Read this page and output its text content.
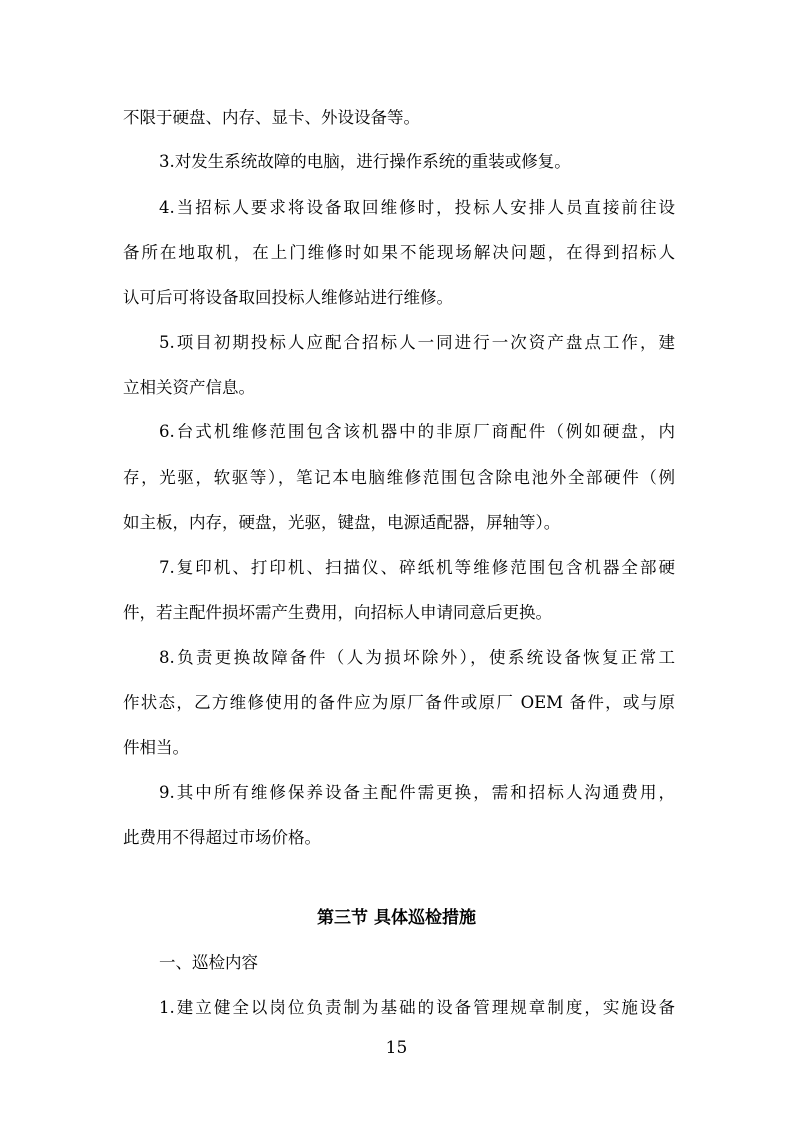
不限于硬盘、内存、显卡、外设设备等。
3.对发生系统故障的电脑，进行操作系统的重装或修复。
4.当招标人要求将设备取回维修时，投标人安排人员直接前往设
备所在地取机，在上门维修时如果不能现场解决问题，在得到招标人
认可后可将设备取回投标人维修站进行维修。
5.项目初期投标人应配合招标人一同进行一次资产盘点工作，建
立相关资产信息。
6.台式机维修范围包含该机器中的非原厂商配件（例如硬盘，内
存，光驱，软驱等），笔记本电脑维修范围包含除电池外全部硬件（例
如主板，内存，硬盘，光驱，键盘，电源适配器，屏轴等）。
7.复印机、打印机、扫描仪、碎纸机等维修范围包含机器全部硬
件，若主配件损坏需产生费用，向招标人申请同意后更换。
8.负责更换故障备件（人为损坏除外），使系统设备恢复正常工
作状态，乙方维修使用的备件应为原厂备件或原厂 OEM 备件，或与原
件相当。
9.其中所有维修保养设备主配件需更换，需和招标人沟通费用，
此费用不得超过市场价格。
第三节 具体巡检措施
一、巡检内容
1.建立健全以岗位负责制为基础的设备管理规章制度，实施设备
15
